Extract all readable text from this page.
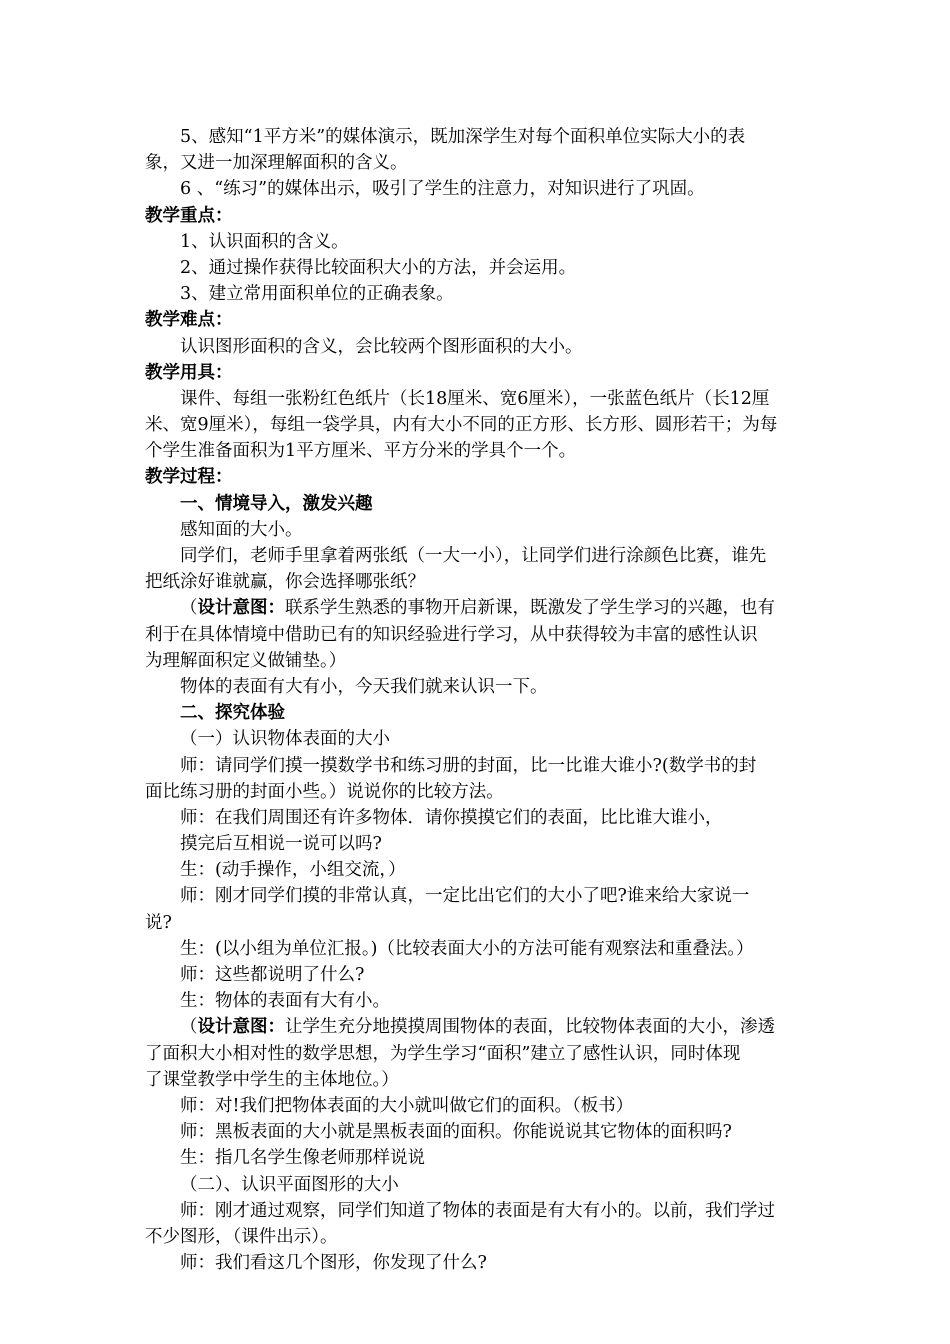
5、感知“1平方米”的媒体演示，既加深学生对每个面积单位实际大小的表
象，又进一加深理解面积的含义。
6 、“练习”的媒体出示，吸引了学生的注意力，对知识进行了巩固。
教学重点：
1、认识面积的含义。
2、通过操作获得比较面积大小的方法，并会运用。
3、建立常用面积单位的正确表象。
教学难点：
认识图形面积的含义，会比较两个图形面积的大小。
教学用具：
课件、每组一张粉红色纸片（长18厘米、宽6厘米），一张蓝色纸片（长12厘
米、宽9厘米），每组一袋学具，内有大小不同的正方形、长方形、圆形若干；为每
个学生准备面积为1平方厘米、平方分米的学具个一个。
教学过程：
一、情境导入，激发兴趣
感知面的大小。
同学们，老师手里拿着两张纸（一大一小），让同学们进行涂颜色比赛，谁先
把纸涂好谁就赢，你会选择哪张纸？
（设计意图：联系学生熟悉的事物开启新课，既激发了学生学习的兴趣，也有
利于在具体情境中借助已有的知识经验进行学习，从中获得较为丰富的感性认识
为理解面积定义做铺垫。）
物体的表面有大有小，今天我们就来认识一下。
二、探究体验
（一）认识物体表面的大小
师：请同学们摸一摸数学书和练习册的封面，比一比谁大谁小?(数学书的封
面比练习册的封面小些。）说说你的比较方法。
师：在我们周围还有许多物体．请你摸摸它们的表面，比比谁大谁小，
摸完后互相说一说可以吗?
生：(动手操作，小组交流，）
师：刚才同学们摸的非常认真，一定比出它们的大小了吧?谁来给大家说一
说?
生：(以小组为单位汇报。)（比较表面大小的方法可能有观察法和重叠法。）
师：这些都说明了什么?
生：物体的表面有大有小。
（设计意图：让学生充分地摸摸周围物体的表面，比较物体表面的大小，渗透
了面积大小相对性的数学思想，为学生学习“面积”建立了感性认识，同时体现
了课堂教学中学生的主体地位。）
师：对!我们把物体表面的大小就叫做它们的面积。（板书）
师：黑板表面的大小就是黑板表面的面积。你能说说其它物体的面积吗?
生：指几名学生像老师那样说说
（二）、认识平面图形的大小
师：刚才通过观察，同学们知道了物体的表面是有大有小的。以前，我们学过
不少图形，（课件出示）。
师：我们看这几个图形，你发现了什么?
